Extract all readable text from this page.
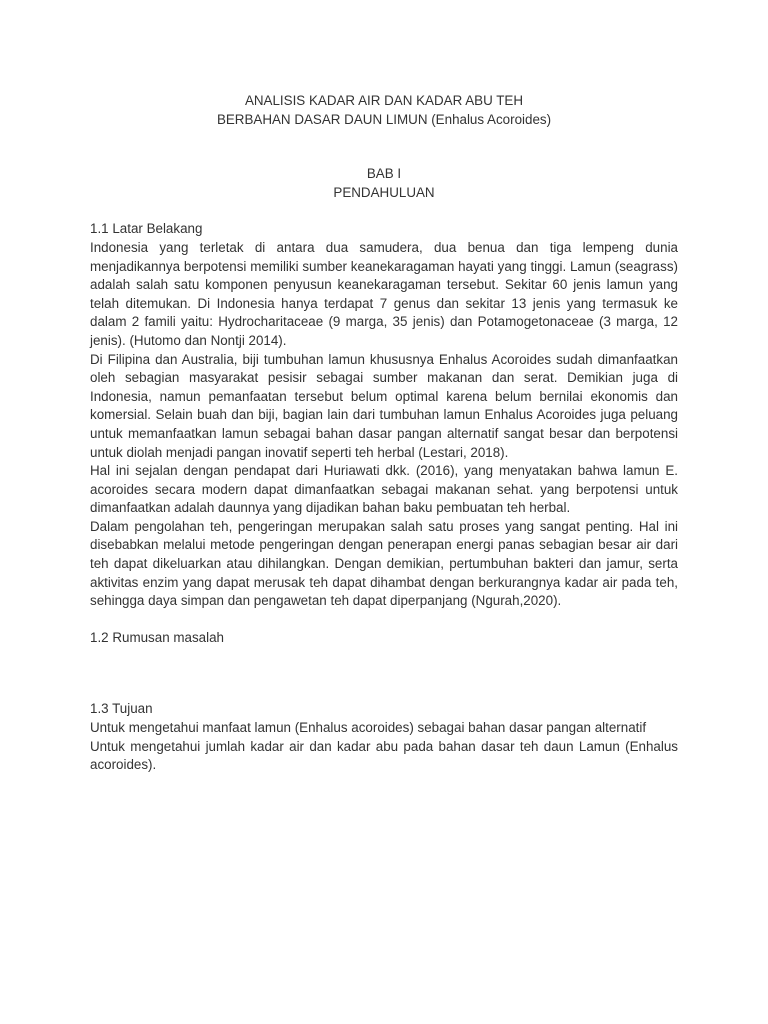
ANALISIS KADAR AIR DAN KADAR ABU TEH
BERBAHAN DASAR DAUN LIMUN (Enhalus Acoroides)
BAB I
PENDAHULUAN
1.1 Latar Belakang

Indonesia yang terletak di antara dua samudera, dua benua dan tiga lempeng dunia menjadikannya berpotensi memiliki sumber keanekaragaman hayati yang tinggi. Lamun (seagrass) adalah salah satu komponen penyusun keanekaragaman tersebut. Sekitar 60 jenis lamun yang telah ditemukan. Di Indonesia hanya terdapat 7 genus dan sekitar 13 jenis yang termasuk ke dalam 2 famili yaitu: Hydrocharitaceae (9 marga, 35 jenis) dan Potamogetonaceae (3 marga, 12 jenis). (Hutomo dan Nontji 2014).

Di Filipina dan Australia, biji tumbuhan lamun khususnya Enhalus Acoroides sudah dimanfaatkan oleh sebagian masyarakat pesisir sebagai sumber makanan dan serat. Demikian juga di Indonesia, namun pemanfaatan tersebut belum optimal karena belum bernilai ekonomis dan komersial. Selain buah dan biji, bagian lain dari tumbuhan lamun Enhalus Acoroides juga peluang untuk memanfaatkan lamun sebagai bahan dasar pangan alternatif sangat besar dan berpotensi untuk diolah menjadi pangan inovatif seperti teh herbal (Lestari, 2018).

Hal ini sejalan dengan pendapat dari Huriawati dkk. (2016), yang menyatakan bahwa lamun E. acoroides secara modern dapat dimanfaatkan sebagai makanan sehat. yang berpotensi untuk dimanfaatkan adalah daunnya yang dijadikan bahan baku pembuatan teh herbal.

Dalam pengolahan teh, pengeringan merupakan salah satu proses yang sangat penting. Hal ini disebabkan melalui metode pengeringan dengan penerapan energi panas sebagian besar air dari teh dapat dikeluarkan atau dihilangkan. Dengan demikian, pertumbuhan bakteri dan jamur, serta aktivitas enzim yang dapat merusak teh dapat dihambat dengan berkurangnya kadar air pada teh, sehingga daya simpan dan pengawetan teh dapat diperpanjang (Ngurah,2020).

1.2 Rumusan masalah
1.3 Tujuan

Untuk mengetahui manfaat lamun (Enhalus acoroides) sebagai bahan dasar pangan alternatif

Untuk mengetahui jumlah kadar air dan kadar abu pada bahan dasar teh daun Lamun (Enhalus acoroides).
